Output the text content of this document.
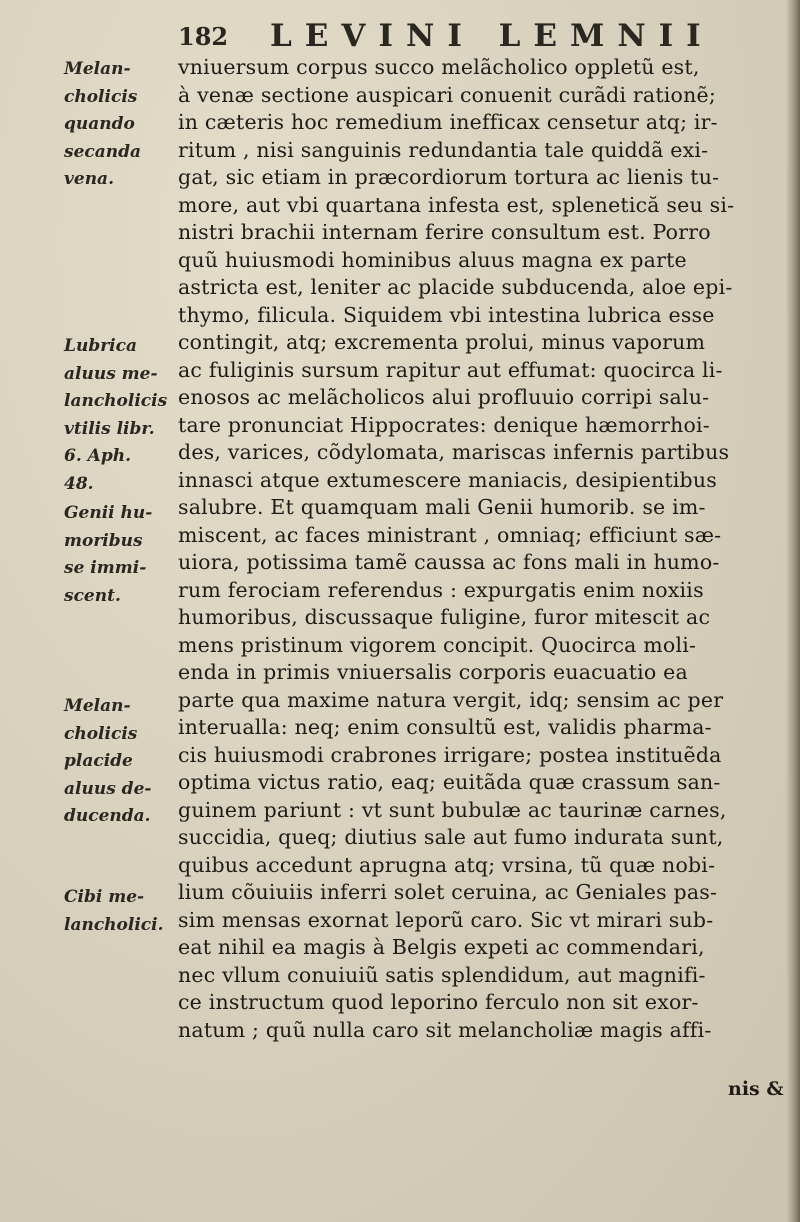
182 LEVINI LEMNII
Melan-
cholicis
quando
secanda
vena.
Lubrica
aluus me-
lancholicis
vtilis libr.
6. Aph.
48.
Genii hu-
moribus
se immi-
scent.
Melan-
cholicis
placide
aluus de-
ducenda.
Cibi me-
lancholici.
vniuersum corpus succo melãcholico oppletũ est,
à venæ sectione auspicari conuenit curãdi rationẽ;
in cæteris hoc remedium inefficax censetur atq; ir-
ritum , nisi sanguinis redundantia tale quiddã exi-
gat, sic etiam in præcordiorum tortura ac lienis tu-
more, aut vbi quartana infesta est, splenetică seu si-
nistri brachii internam ferire consultum est. Porro
quũ huiusmodi hominibus aluus magna ex parte
astricta est, leniter ac placide subducenda, aloe epi-
thymo, filicula. Siquidem vbi intestina lubrica esse
contingit, atq; excrementa prolui, minus vaporum
ac fuliginis sursum rapitur aut effumat: quocirca li-
enosos ac melãcholicos alui profluuio corripi salu-
tare pronunciat Hippocrates: denique hæmorrhoi-
des, varices, cõdylomata, mariscas infernis partibus
innasci atque extumescere maniacis, desipientibus
salubre. Et quamquam mali Genii humorib. se im-
miscent, ac faces ministrant , omniaq; efficiunt sæ-
uiora, potissima tamẽ caussa ac fons mali in humo-
rum ferociam referendus : expurgatis enim noxiis
humoribus, discussaque fuligine, furor mitescit ac
mens pristinum vigorem concipit. Quocirca moli-
enda in primis vniuersalis corporis euacuatio ea
parte qua maxime natura vergit, idq; sensim ac per
interualla: neq; enim consultũ est, validis pharma-
cis huiusmodi crabrones irrigare; postea instituẽda
optima victus ratio, eaq; euitãda quæ crassum san-
guinem pariunt : vt sunt bubulæ ac taurinæ carnes,
succidia, queq; diutius sale aut fumo indurata sunt,
quibus accedunt aprugna atq; vrsina, tũ quæ nobi-
lium cõuiuiis inferri solet ceruina, ac Geniales pas-
sim mensas exornat leporũ caro. Sic vt mirari sub-
eat nihil ea magis à Belgis expeti ac commendari,
nec vllum conuiuiũ satis splendidum, aut magnifi-
ce instructum quod leporino ferculo non sit exor-
natum ; quũ nulla caro sit melancholiæ magis affi-
nis &
